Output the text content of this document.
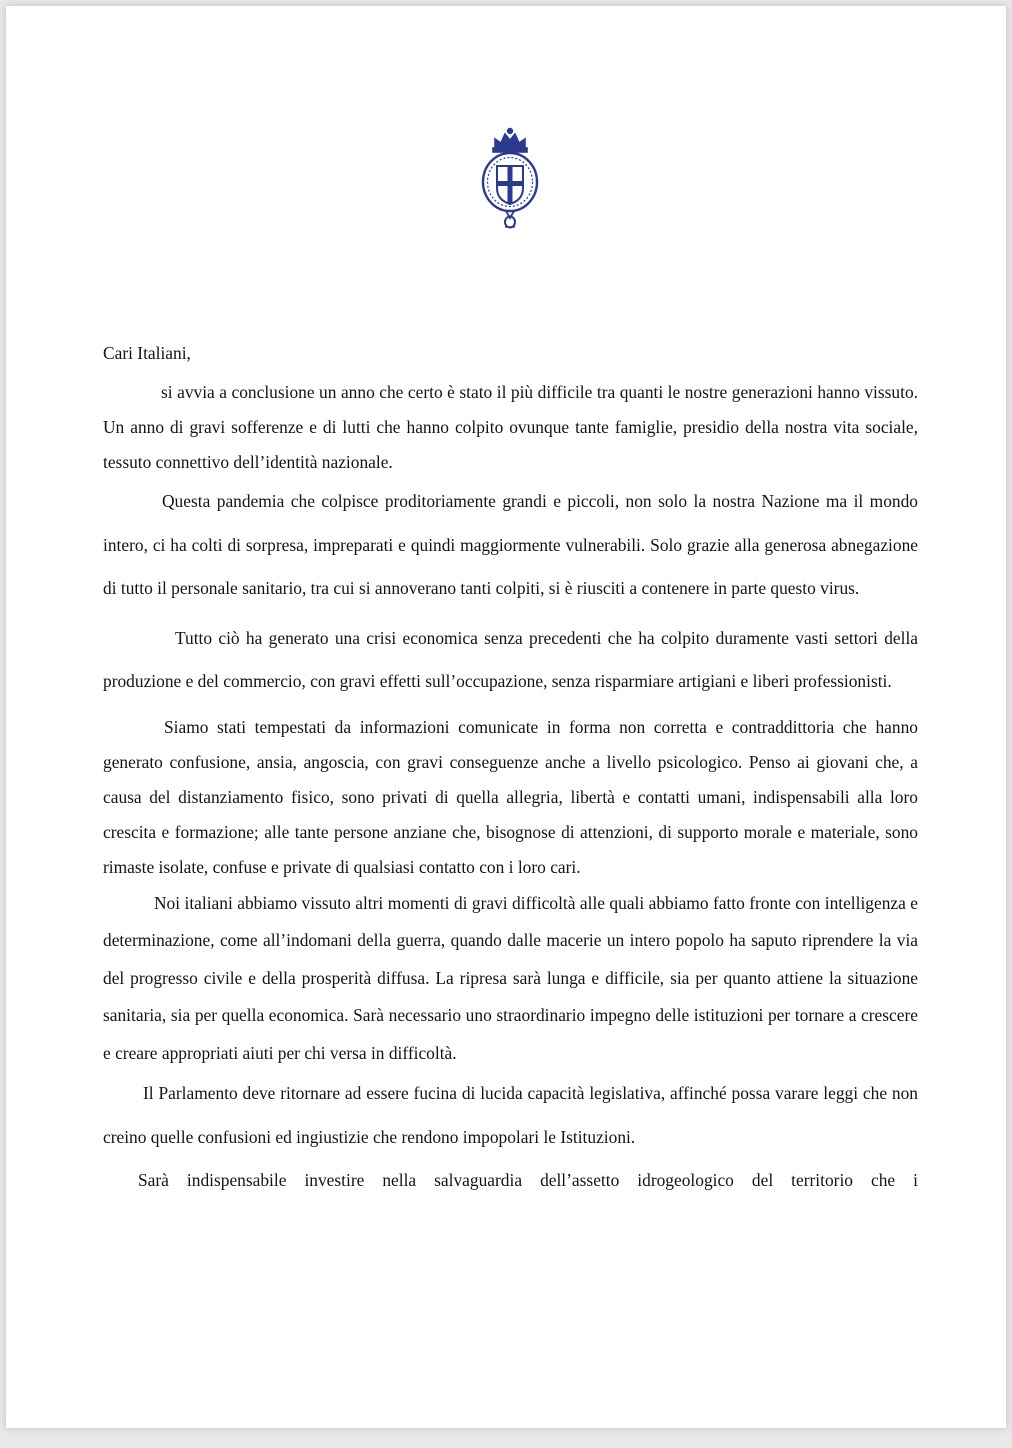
Cari Italiani,

si avvia a conclusione un anno che certo è stato il più difficile tra quanti le nostre generazioni hanno vissuto. Un anno di gravi sofferenze e di lutti che hanno colpito ovunque tante famiglie, presidio della nostra vita sociale, tessuto connettivo dell’identità nazionale.

Questa pandemia che colpisce proditoriamente grandi e piccoli, non solo la nostra Nazione ma il mondo intero, ci ha colti di sorpresa, impreparati e quindi maggiormente vulnerabili. Solo grazie alla generosa abnegazione di tutto il personale sanitario, tra cui si annoverano tanti colpiti, si è riusciti a contenere in parte questo virus.

Tutto ciò ha generato una crisi economica senza precedenti che ha colpito duramente vasti settori della produzione e del commercio, con gravi effetti sull’occupazione, senza risparmiare artigiani e liberi professionisti.

Siamo stati tempestati da informazioni comunicate in forma non corretta e contraddittoria che hanno generato confusione, ansia, angoscia, con gravi conseguenze anche a livello psicologico. Penso ai giovani che, a causa del distanziamento fisico, sono privati di quella allegria, libertà e contatti umani, indispensabili alla loro crescita e formazione; alle tante persone anziane che, bisognose di attenzioni, di supporto morale e materiale, sono rimaste isolate, confuse e private di qualsiasi contatto con i loro cari.

Noi italiani abbiamo vissuto altri momenti di gravi difficoltà alle quali abbiamo fatto fronte con intelligenza e determinazione, come all’indomani della guerra, quando dalle macerie un intero popolo ha saputo riprendere la via del progresso civile e della prosperità diffusa. La ripresa sarà lunga e difficile, sia per quanto attiene la situazione sanitaria, sia per quella economica. Sarà necessario uno straordinario impegno delle istituzioni per tornare a crescere e creare appropriati aiuti per chi versa in difficoltà.

Il Parlamento deve ritornare ad essere fucina di lucida capacità legislativa, affinché possa varare leggi che non creino quelle confusioni ed ingiustizie che rendono impopolari le Istituzioni.

Sarà indispensabile investire nella salvaguardia dell’assetto idrogeologico del territorio che i
